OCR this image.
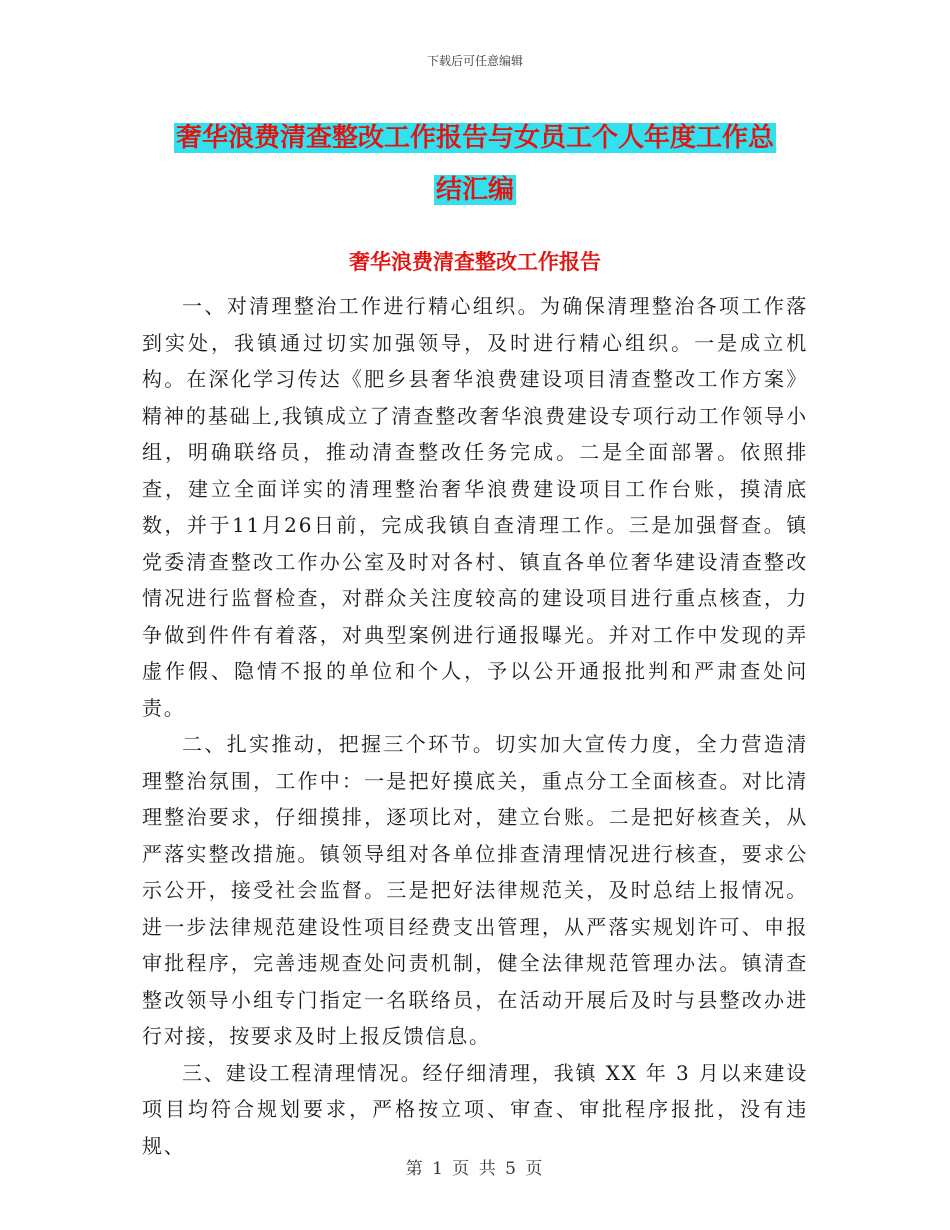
下载后可任意编辑
奢华浪费清查整改工作报告与女员工个人年度工作总
结汇编
奢华浪费清查整改工作报告

一、对清理整治工作进行精心组织。为确保清理整治各项工作落到实处，我镇通过切实加强领导，及时进行精心组织。一是成立机构。在深化学习传达《肥乡县奢华浪费建设项目清查整改工作方案》精神的基础上,我镇成立了清查整改奢华浪费建设专项行动工作领导小组，明确联络员，推动清查整改任务完成。二是全面部署。依照排查，建立全面详实的清理整治奢华浪费建设项目工作台账，摸清底数，并于11月26日前，完成我镇自查清理工作。三是加强督查。镇党委清查整改工作办公室及时对各村、镇直各单位奢华建设清查整改情况进行监督检查，对群众关注度较高的建设项目进行重点核查，力争做到件件有着落，对典型案例进行通报曝光。并对工作中发现的弄虚作假、隐情不报的单位和个人，予以公开通报批判和严肃查处问责。

二、扎实推动，把握三个环节。切实加大宣传力度，全力营造清理整治氛围，工作中：一是把好摸底关，重点分工全面核查。对比清理整治要求，仔细摸排，逐项比对，建立台账。二是把好核查关，从严落实整改措施。镇领导组对各单位排查清理情况进行核查，要求公示公开，接受社会监督。三是把好法律规范关，及时总结上报情况。进一步法律规范建设性项目经费支出管理，从严落实规划许可、申报审批程序，完善违规查处问责机制，健全法律规范管理办法。镇清查整改领导小组专门指定一名联络员，在活动开展后及时与县整改办进行对接，按要求及时上报反馈信息。

三、建设工程清理情况。经仔细清理，我镇 XX 年 3 月以来建设项目均符合规划要求，严格按立项、审查、审批程序报批，没有违规、

第 1 页 共 5 页
